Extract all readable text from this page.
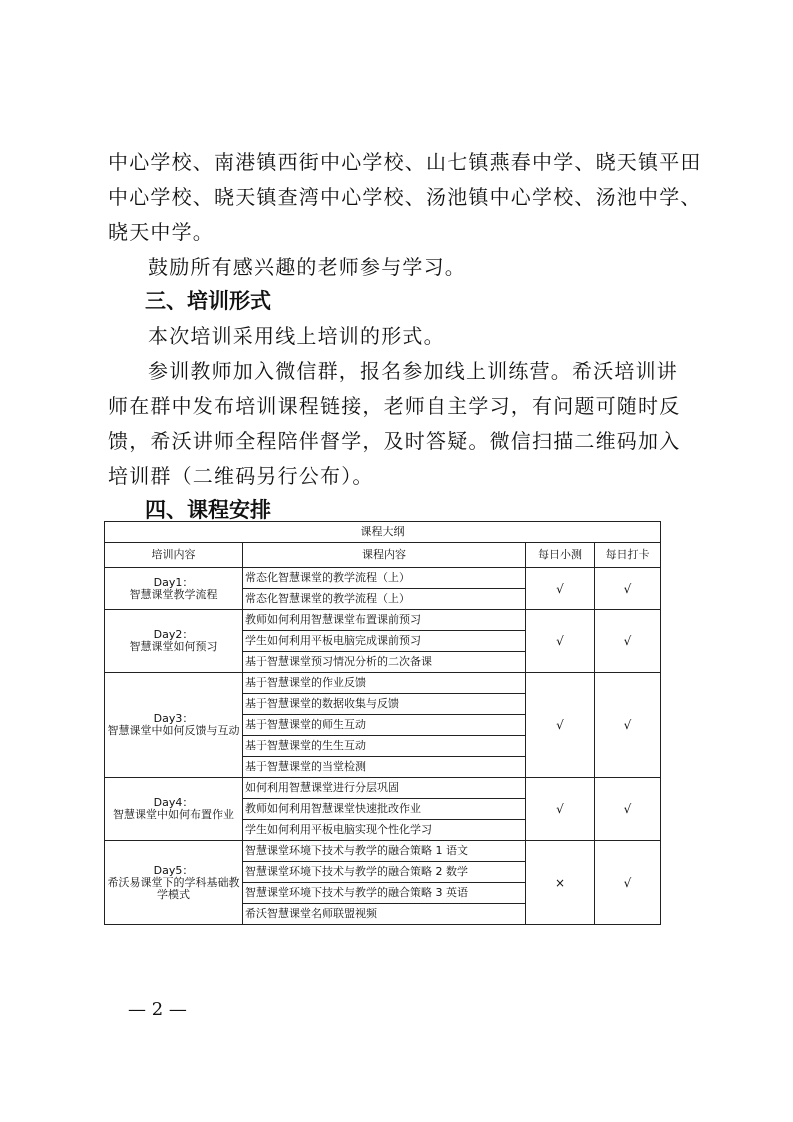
中心学校、南港镇西街中心学校、山七镇燕春中学、晓天镇平田
中心学校、晓天镇查湾中心学校、汤池镇中心学校、汤池中学、
晓天中学。
鼓励所有感兴趣的老师参与学习。
三、培训形式
本次培训采用线上培训的形式。
参训教师加入微信群，报名参加线上训练营。希沃培训讲
师在群中发布培训课程链接，老师自主学习，有问题可随时反
馈，希沃讲师全程陪伴督学，及时答疑。微信扫描二维码加入
培训群（二维码另行公布）。
四、课程安排
课程大纲			
培训内容	课程内容	每日小测	每日打卡
Day1：
智慧课堂教学流程	常态化智慧课堂的教学流程（上）	√	√
	常态化智慧课堂的教学流程（上）		
Day2：
智慧课堂如何预习	教师如何利用智慧课堂布置课前预习	√	√
	学生如何利用平板电脑完成课前预习		
	基于智慧课堂预习情况分析的二次备课		
Day3：
智慧课堂中如何反馈与互动	基于智慧课堂的作业反馈	√	√
	基于智慧课堂的数据收集与反馈		
	基于智慧课堂的师生互动		
	基于智慧课堂的生生互动		
	基于智慧课堂的当堂检测		
Day4：
智慧课堂中如何布置作业	如何利用智慧课堂进行分层巩固	√	√
	教师如何利用智慧课堂快速批改作业		
	学生如何利用平板电脑实现个性化学习		
Day5：
希沃易课堂下的学科基础教学模式	智慧课堂环境下技术与教学的融合策略 1 语文	×	√
	智慧课堂环境下技术与教学的融合策略 2 数学		
	智慧课堂环境下技术与教学的融合策略 3 英语		
	希沃智慧课堂名师联盟视频		
— 2 —
